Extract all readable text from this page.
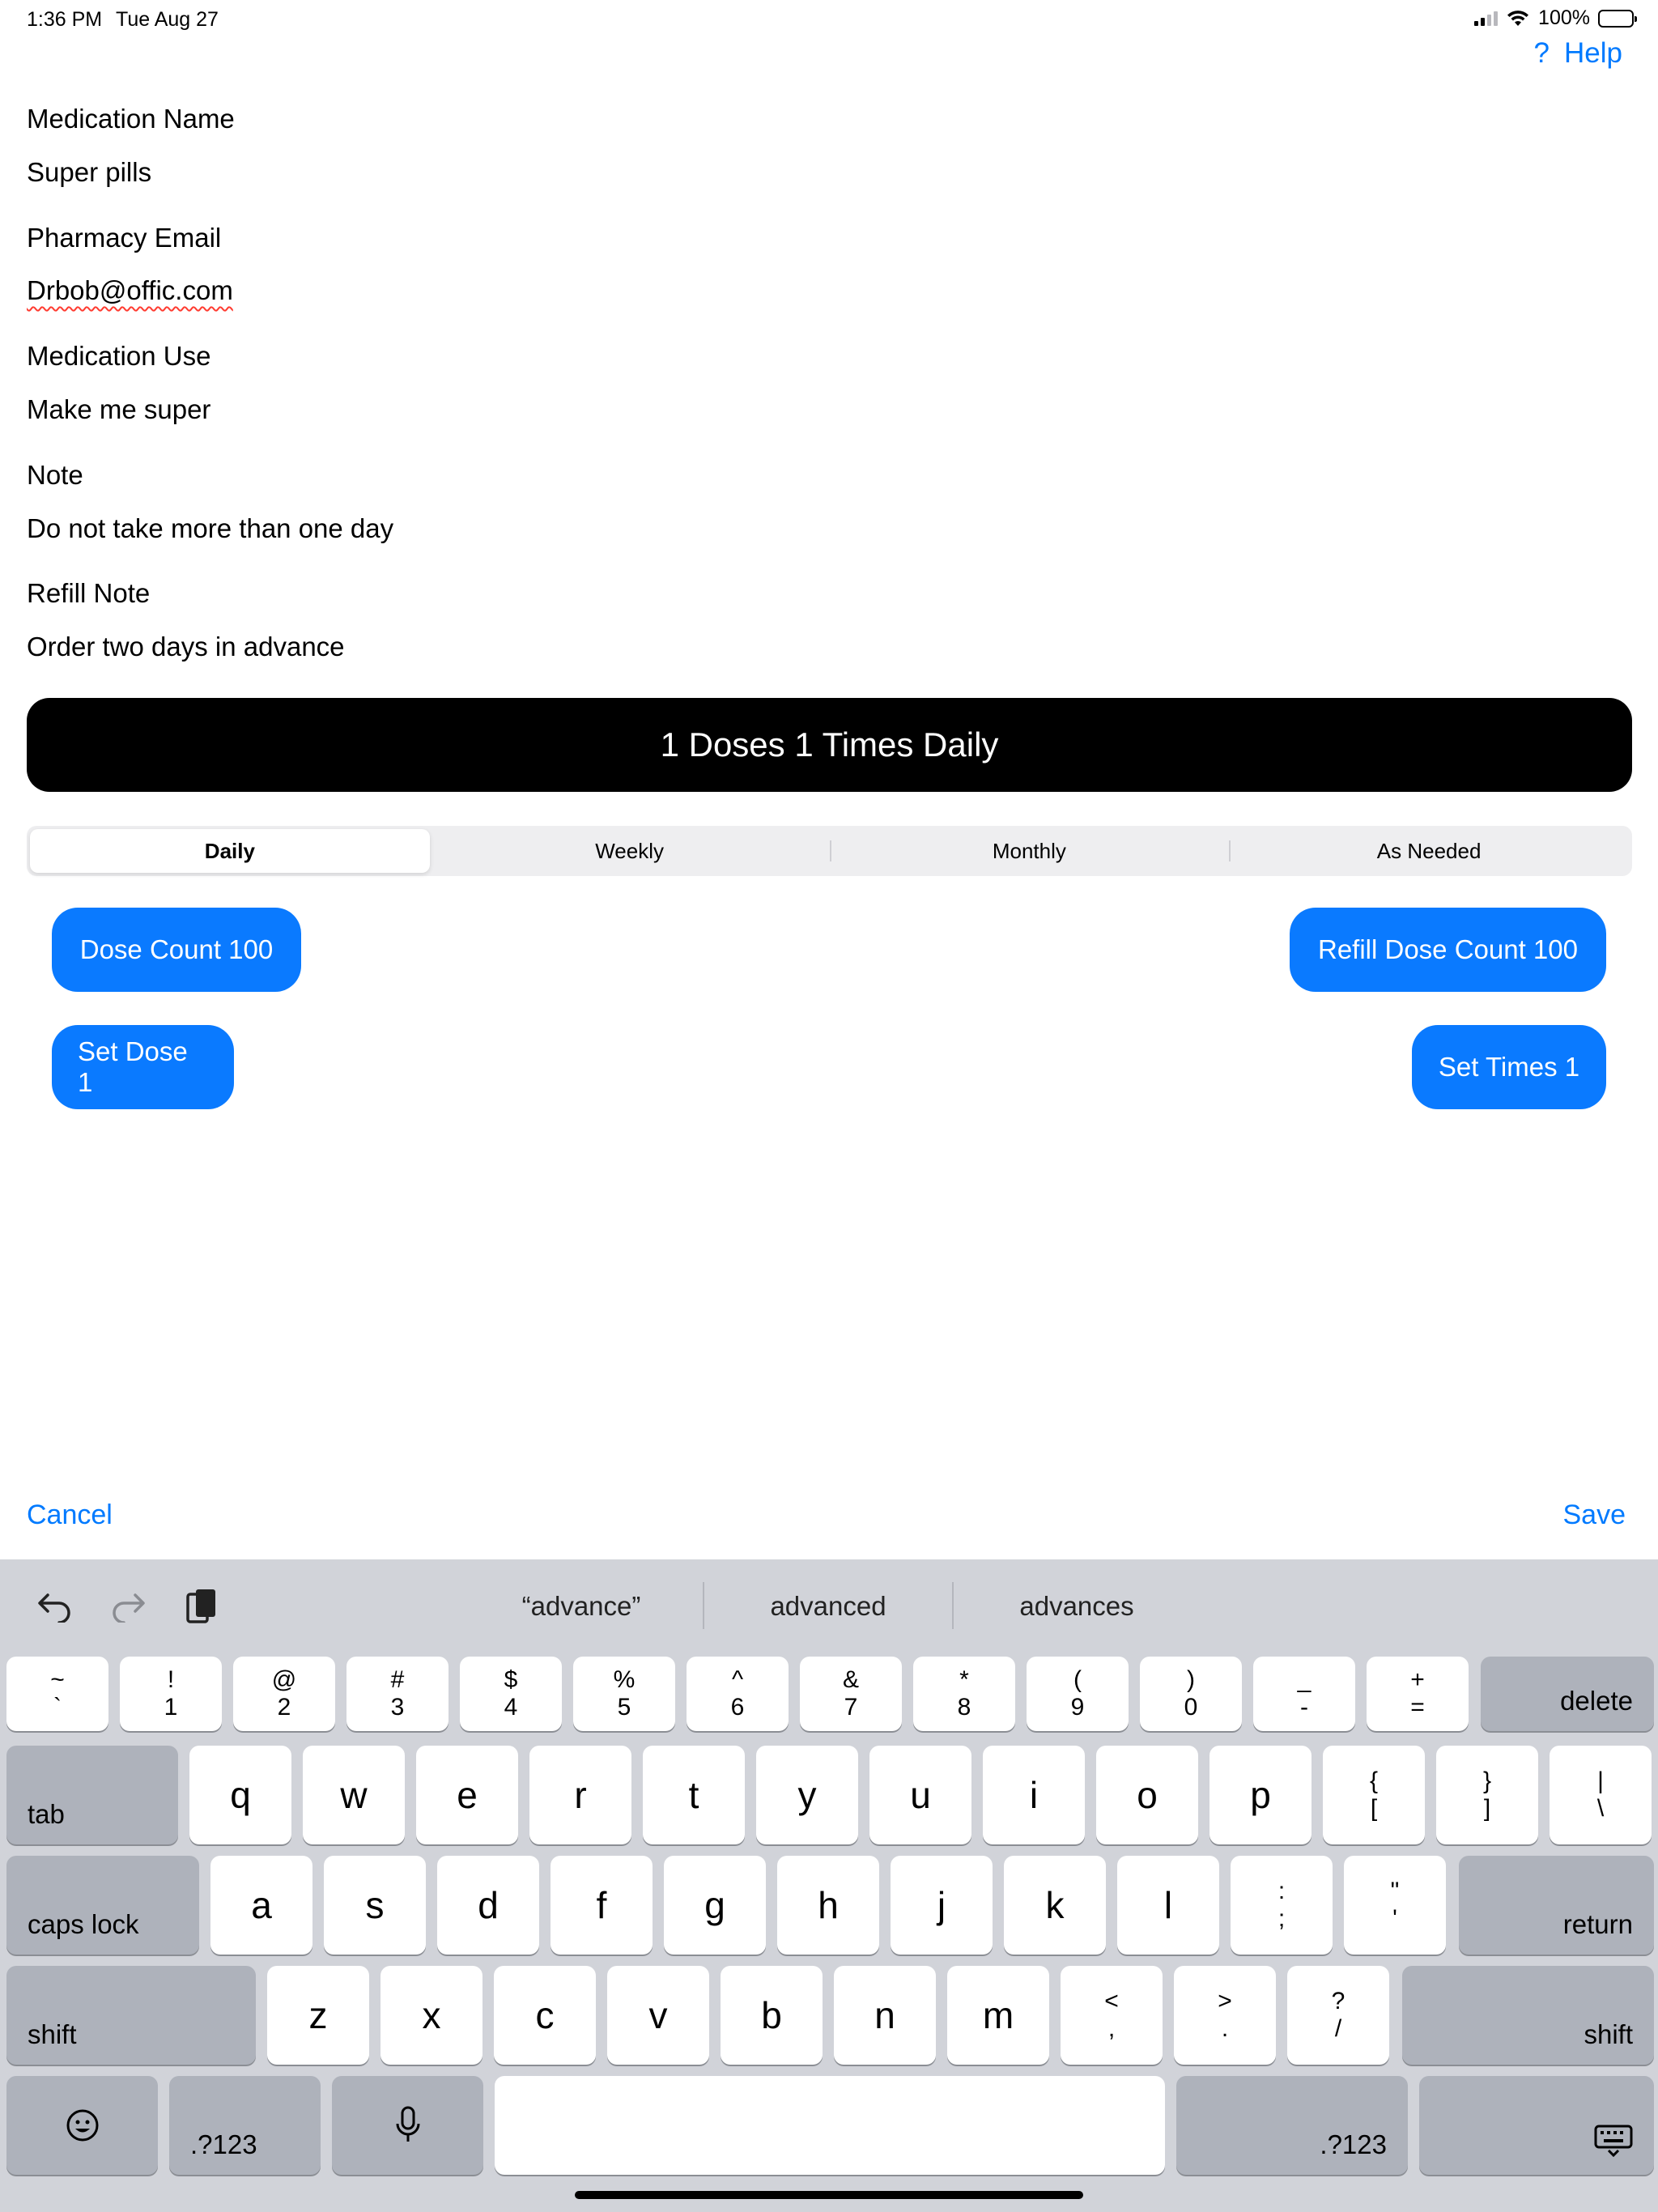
1:36 PM Tue Aug 27	100%
? Help
Medication Name
Super pills
Pharmacy Email
Drbob@offic.com
Medication Use
Make me super
Note
Do not take more than one day
Refill Note
Order two days in advance
1 Doses 1 Times Daily
Daily	Weekly	Monthly	As Needed
Dose Count 100	Refill Dose Count 100
Set Dose 1
Set Times 1
Cancel	Save
“advance”	advanced	advances
delete
tab
caps lock	return
shift	shift
.?123	.?123
~
`
!
1
@
2
#
3
$
4
%
5
^
6
&
7
*
8
(
9
)
0
_
-
+
=
q w e	r	t	y	u	i	o p	{
[
}
]
|
\
a	s	d	f	g h	j	k	l	:
;
"
'
z	x	c	v	b n m	<
,
>
.
?
/
